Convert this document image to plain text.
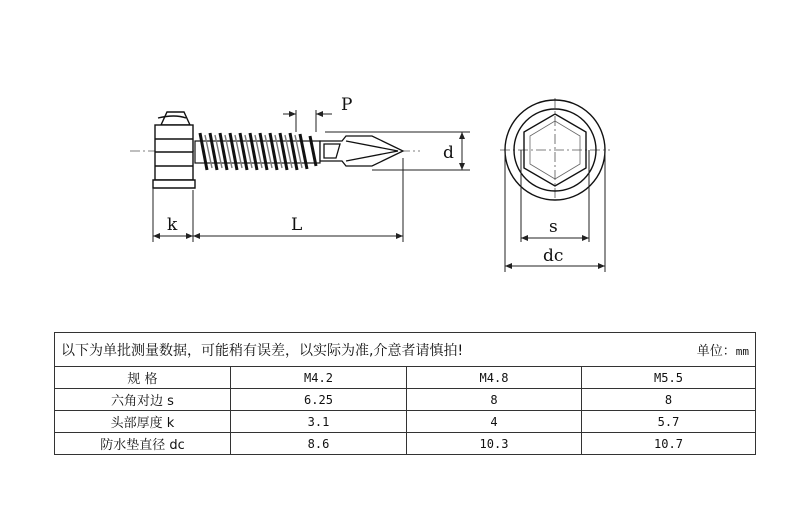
P
d
k	L	s
dc
以下为单批测量数据，可能稍有误差，以实际为准,介意者请慎拍! 单位：mm			

规 格	M4.2	M4.8	M5.5
六角对边 s	6.25	8	8
头部厚度 k	3.1	4	5.7
防水垫直径 dc	8.6	10.3	10.7
